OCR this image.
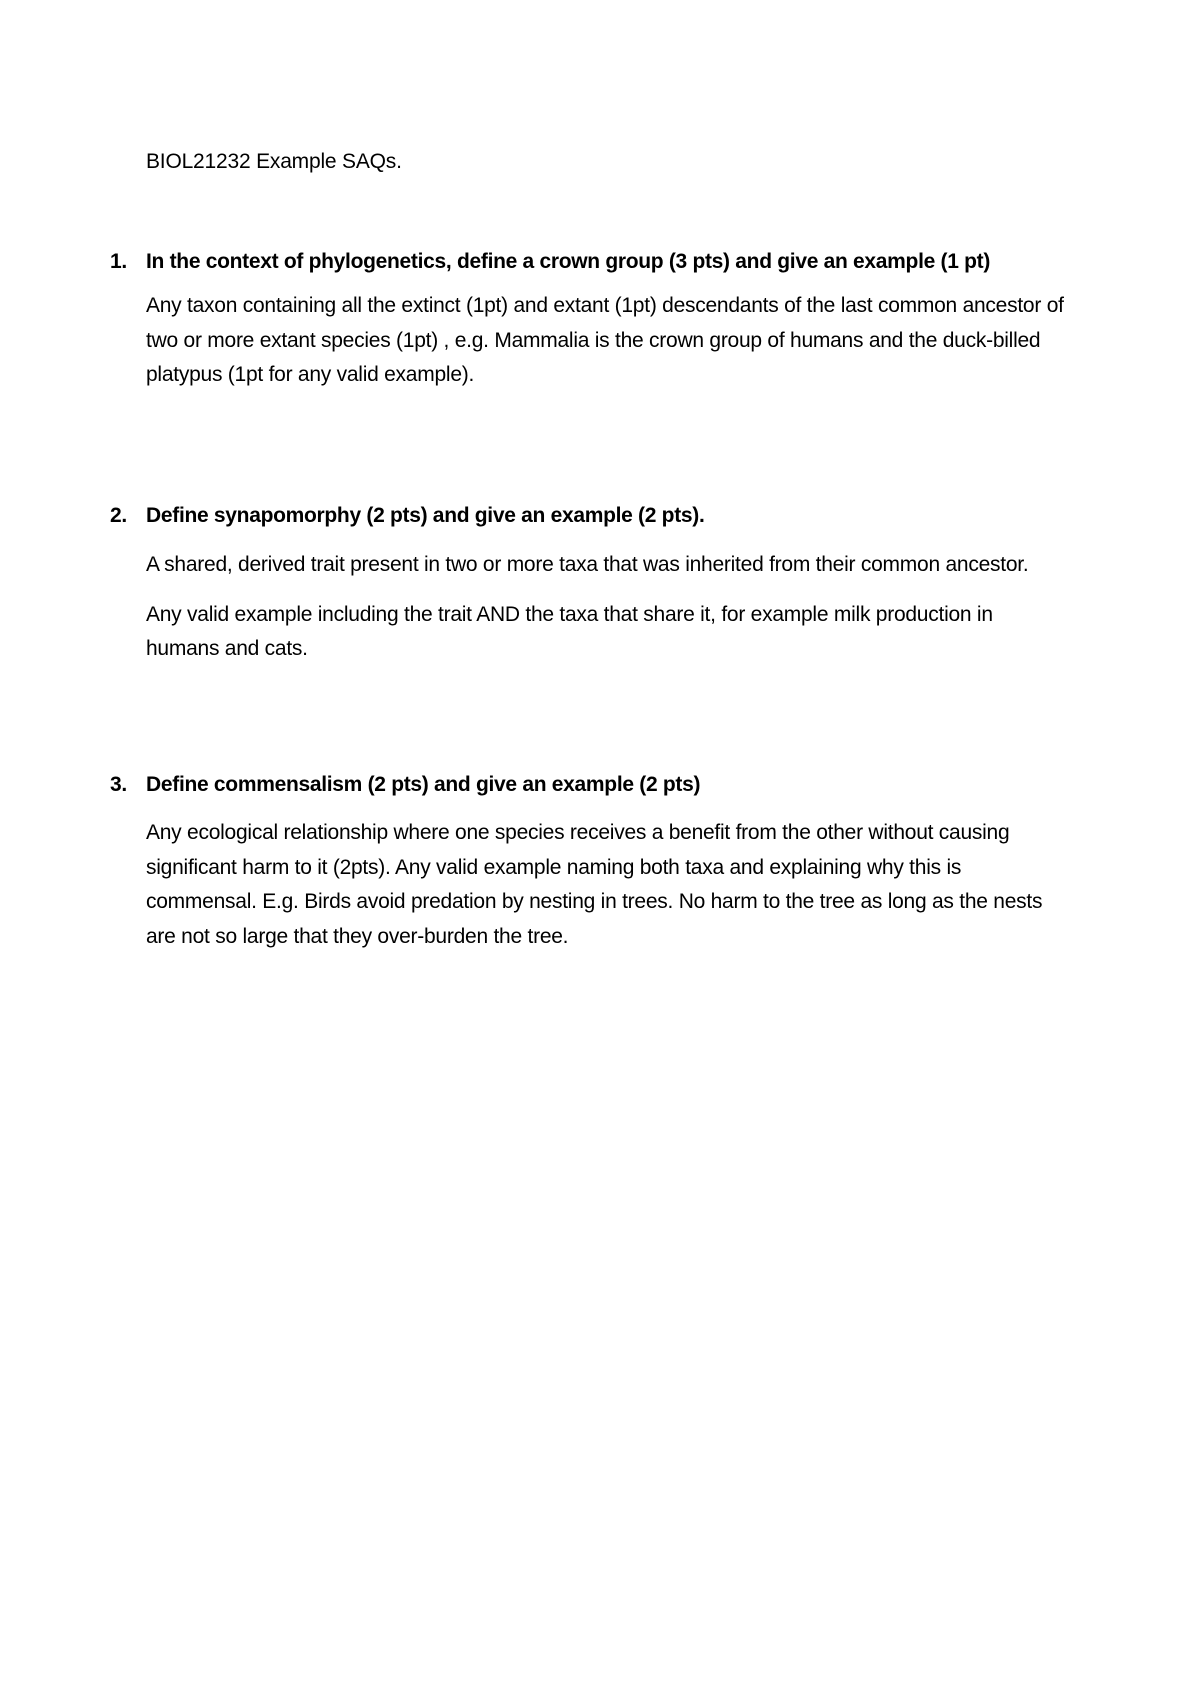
BIOL21232 Example SAQs.
1. In the context of phylogenetics, define a crown group (3 pts) and give an example (1 pt)

Any taxon containing all the extinct (1pt) and extant (1pt) descendants of the last common ancestor of two or more extant species (1pt) , e.g. Mammalia is the crown group of humans and the duck-billed platypus (1pt for any valid example).

2. Define synapomorphy (2 pts) and give an example (2 pts).

A shared, derived trait present in two or more taxa that was inherited from their common ancestor.

Any valid example including the trait AND the taxa that share it, for example milk production in humans and cats.

3. Define commensalism (2 pts) and give an example (2 pts)

Any ecological relationship where one species receives a benefit from the other without causing significant harm to it (2pts). Any valid example naming both taxa and explaining why this is commensal. E.g. Birds avoid predation by nesting in trees. No harm to the tree as long as the nests are not so large that they over-burden the tree.
